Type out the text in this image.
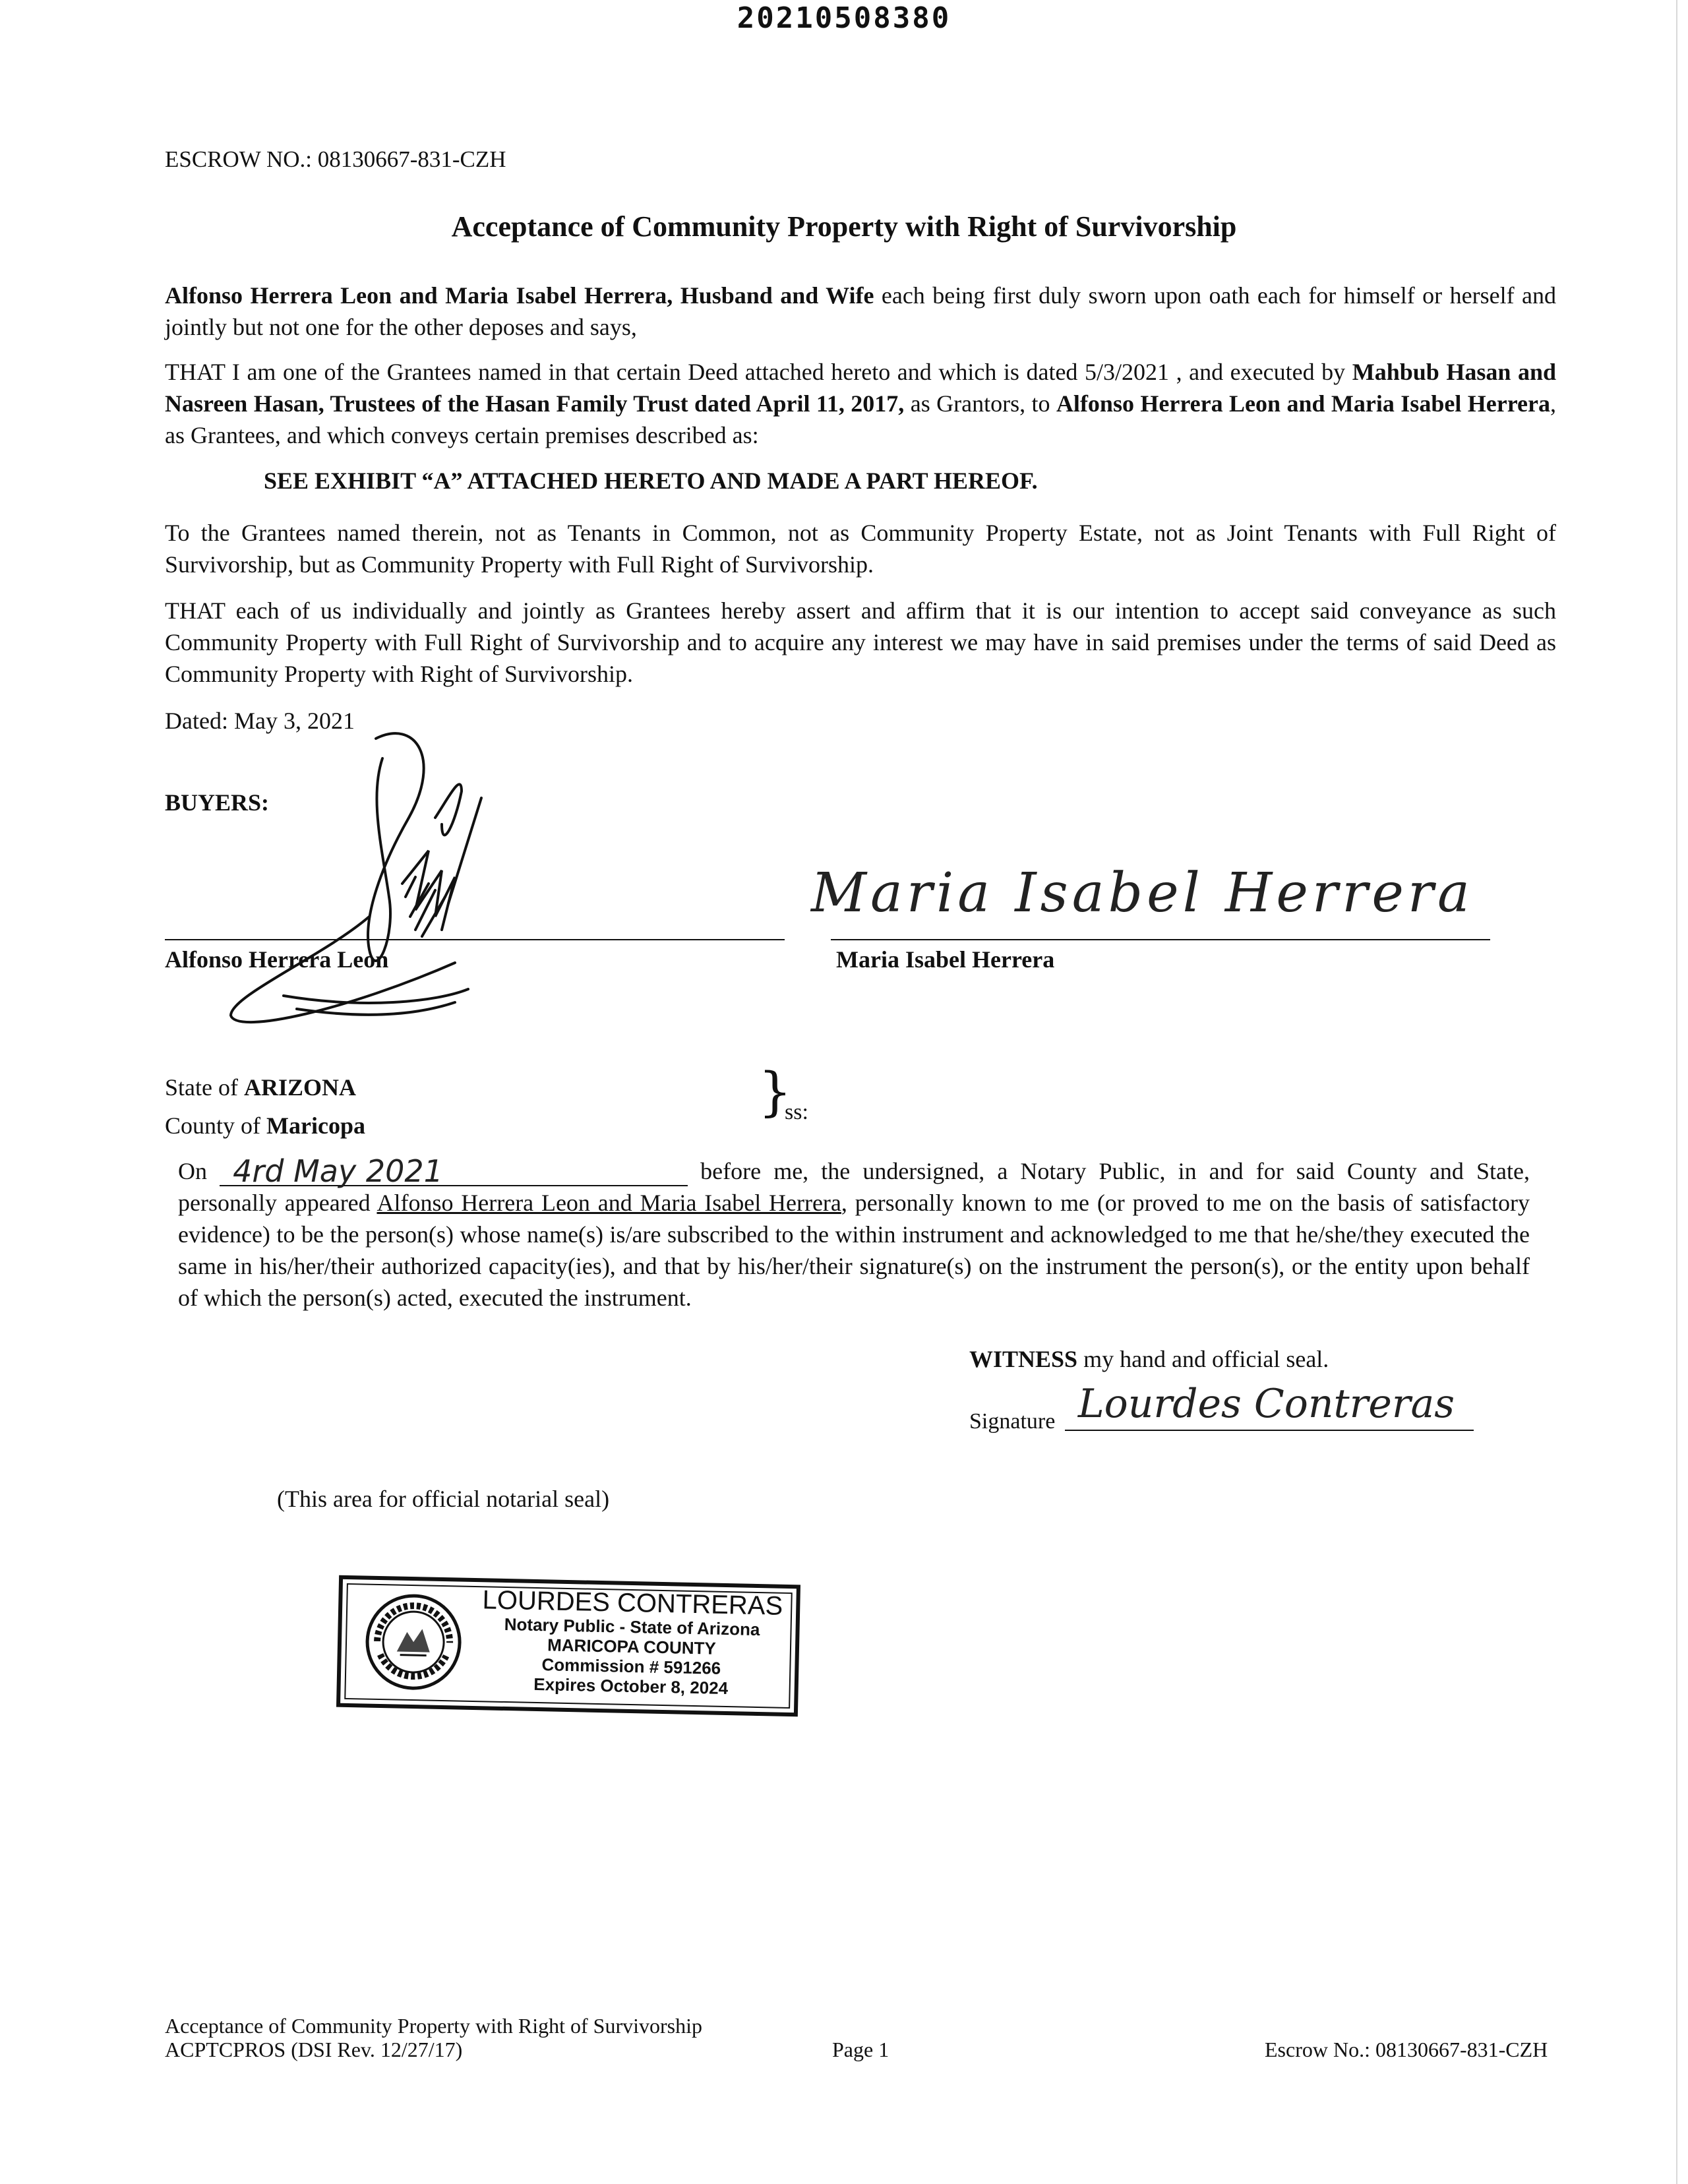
20210508380
ESCROW NO.: 08130667-831-CZH
Acceptance of Community Property with Right of Survivorship
Alfonso Herrera Leon and Maria Isabel Herrera, Husband and Wife each being first duly sworn upon oath each for himself or herself and jointly but not one for the other deposes and says,
THAT I am one of the Grantees named in that certain Deed attached hereto and which is dated 5/3/2021 , and executed by Mahbub Hasan and Nasreen Hasan, Trustees of the Hasan Family Trust dated April 11, 2017, as Grantors, to Alfonso Herrera Leon and Maria Isabel Herrera, as Grantees, and which conveys certain premises described as:
SEE EXHIBIT “A” ATTACHED HERETO AND MADE A PART HEREOF.
To the Grantees named therein, not as Tenants in Common, not as Community Property Estate, not as Joint Tenants with Full Right of Survivorship, but as Community Property with Full Right of Survivorship.
THAT each of us individually and jointly as Grantees hereby assert and affirm that it is our intention to accept said conveyance as such Community Property with Full Right of Survivorship and to acquire any interest we may have in said premises under the terms of said Deed as Community Property with Right of Survivorship.
Dated: May 3, 2021
BUYERS:
Alfonso Herrera Leon
Maria Isabel Herrera
Maria Isabel Herrera
State of ARIZONA
County of Maricopa
}
ss:
On 4rd May 2021	before me, the undersigned, a Notary Public, in and for said County and State, personally appeared Alfonso Herrera Leon and Maria Isabel Herrera, personally known to me (or proved to me on the basis of satisfactory evidence) to be the person(s) whose name(s) is/are subscribed to the within instrument and acknowledged to me that he/she/they executed the same in his/her/their authorized capacity(ies), and that by his/her/their signature(s) on the instrument the person(s), or the entity upon behalf of which the person(s) acted, executed the instrument.
WITNESS my hand and official seal.
Signature Lourdes Contreras
(This area for official notarial seal)
LOURDES CONTRERAS
Notary Public - State of Arizona
MARICOPA COUNTY
Commission # 591266
Expires October 8, 2024
Acceptance of Community Property with Right of Survivorship
ACPTCPROS (DSI Rev. 12/27/17)	Page 1	Escrow No.: 08130667-831-CZH
